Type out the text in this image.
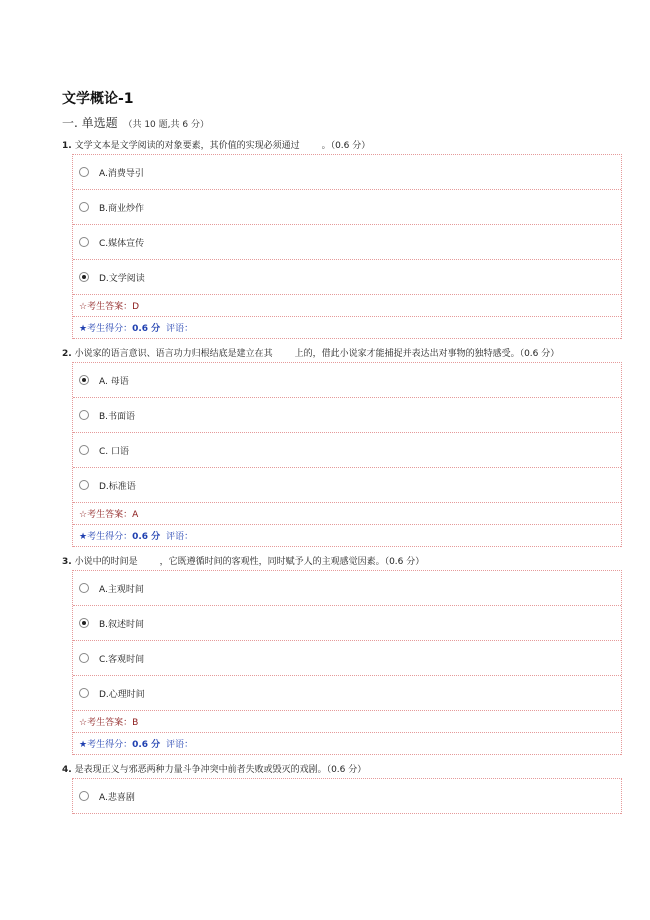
文学概论-1
一. 单选题 （共 10 题,共 6 分）
1. 文学文本是文学阅读的对象要素，其价值的实现必须通过 。（0.6 分）
A.消费导引
B.商业炒作
C.媒体宣传
D.文学阅读
☆考生答案：D
★考生得分： 0.6 分 评语：
2. 小说家的语言意识、语言功力归根结底是建立在其 上的，借此小说家才能捕捉并表达出对事物的独特感受。（0.6 分）
A. 母语
B.书面语
C. 口语
D.标准语
☆考生答案：A
★考生得分： 0.6 分 评语：
3. 小说中的时间是 ，它既遵循时间的客观性，同时赋予人的主观感觉因素。（0.6 分）
A.主观时间
B.叙述时间
C.客观时间
D.心理时间
☆考生答案：B
★考生得分： 0.6 分 评语：
4. 是表现正义与邪恶两种力量斗争冲突中前者失败或毁灭的戏剧。（0.6 分）
A.悲喜剧
